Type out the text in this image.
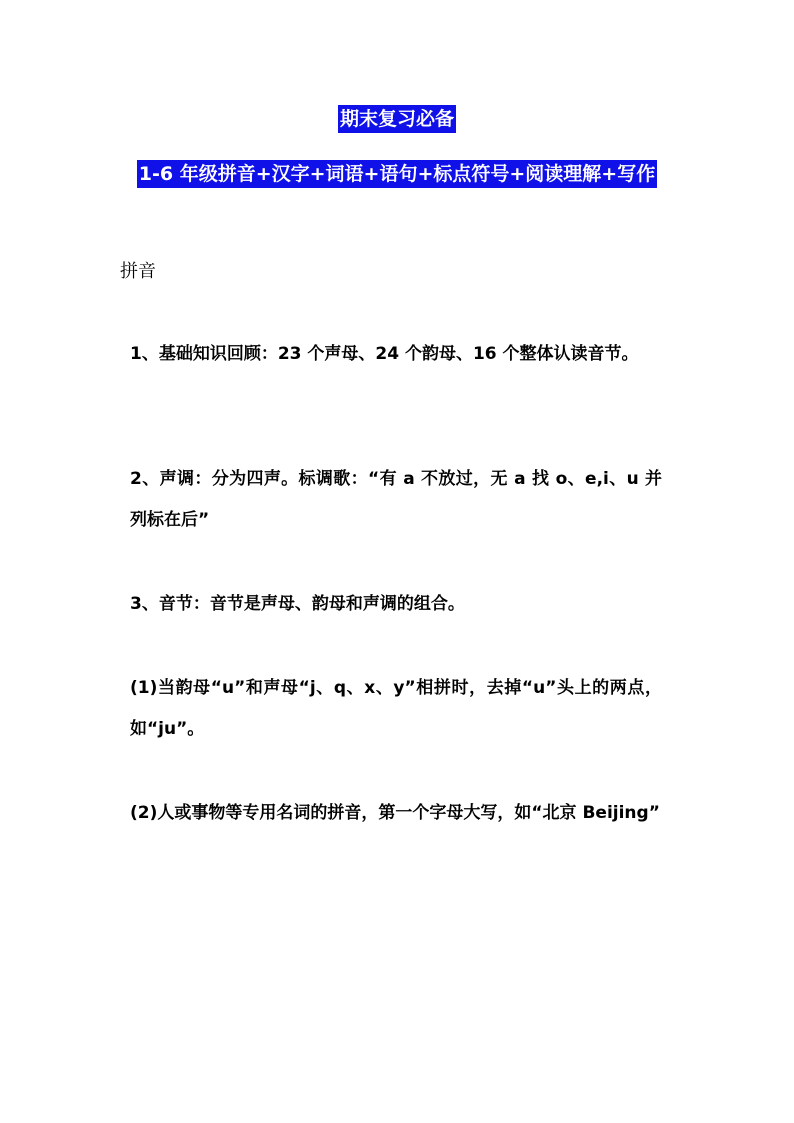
期末复习必备
1-6 年级拼音+汉字+词语+语句+标点符号+阅读理解+写作
拼音

1、基础知识回顾：23 个声母、24 个韵母、16 个整体认读音节。

2、声调：分为四声。标调歌：“有 a 不放过，无 a 找 o、e,i、u 并列标在后”

3、音节：音节是声母、韵母和声调的组合。

(1)当韵母“u”和声母“j、q、x、y”相拼时，去掉“u”头上的两点，如“ju”。

(2)人或事物等专用名词的拼音，第一个字母大写，如“北京 Beijing”
